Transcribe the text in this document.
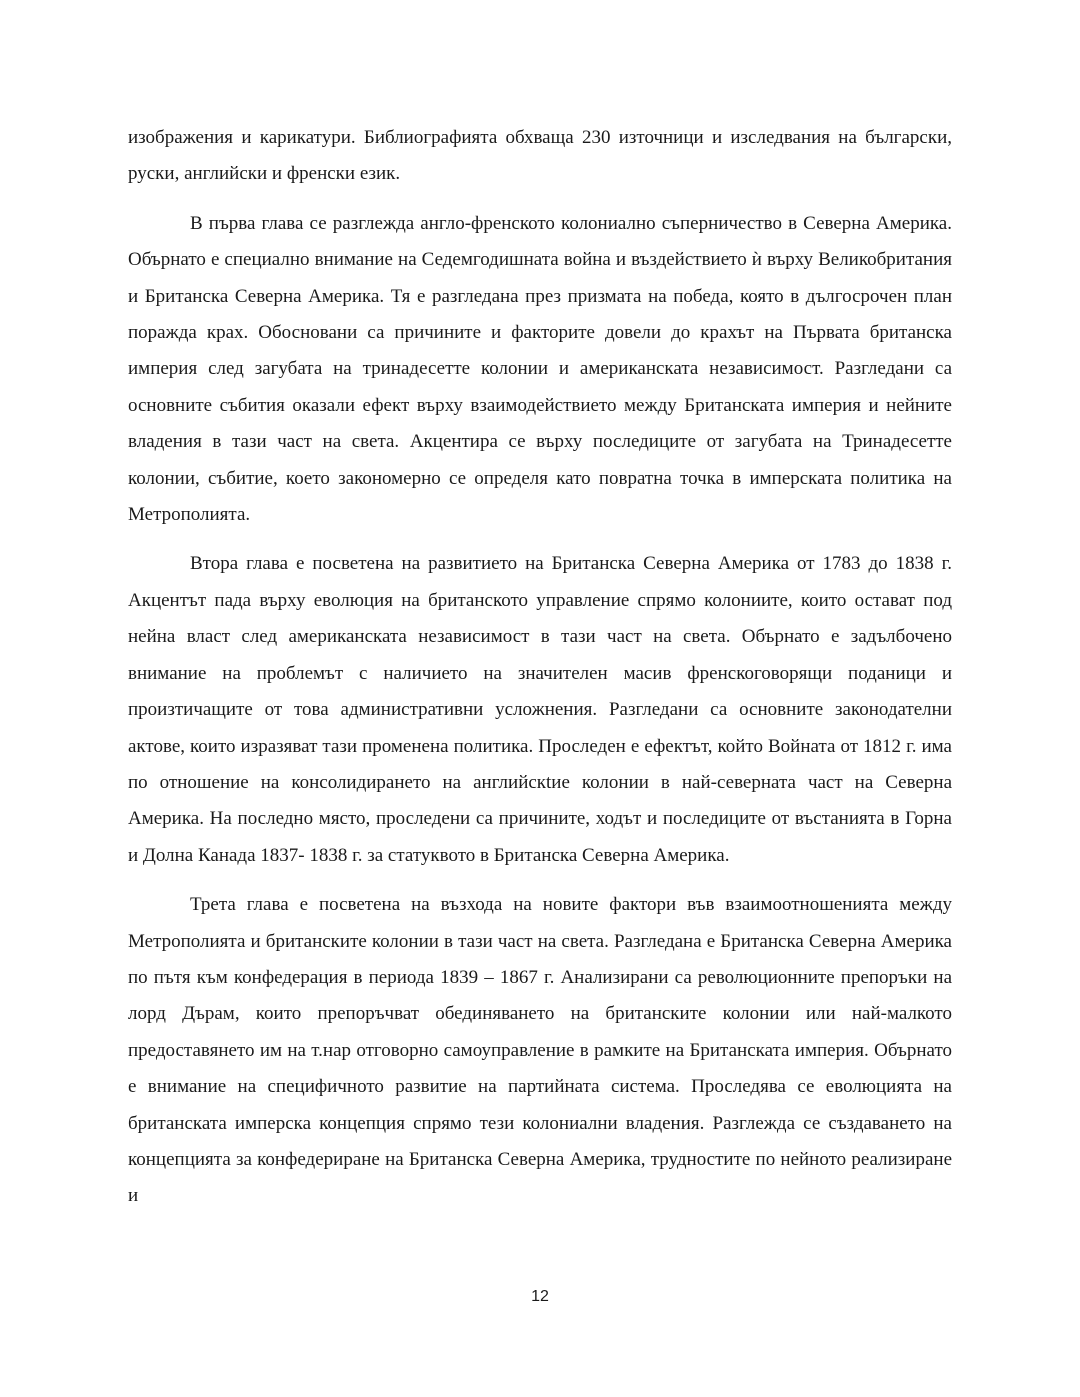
изображения и карикатури. Библиографията обхваща 230 източници и изследвания на български, руски, английски и френски език.

В първа глава се разглежда англо-френското колониално съперничество в Северна Америка. Обърнато е специално внимание на Седемгодишната война и въздействието ѝ върху Великобритания и Британска Северна Америка. Тя е разгледана през призмата на победа, която в дългосрочен план поражда крах. Обосновани са причините и факторите довели до крахът на Първата британска империя след загубата на тринадесетте колонии и американската независимост. Разгледани са основните събития оказали ефект върху взаимодействието между Британската империя и нейните владения в тази част на света. Акцентира се върху последиците от загубата на Тринадесетте колонии, събитие, което закономерно се определя като повратна точка в имперската политика на Метрополията.

Втора глава е посветена на развитието на Британска Северна Америка от 1783 до 1838 г. Акцентът пада върху еволюция на британското управление спрямо колониите, които остават под нейна власт след американската независимост в тази част на света. Обърнато е задълбочено внимание на проблемът с наличието на значителен масив френскоговорящи поданици и произтичащите от това административни усложнения. Разгледани са основните законодателни актове, които изразяват тази променена политика. Проследен е ефектът, който Войната от 1812 г. има по отношение на консолидирането на английскtие колонии в най-северната част на Северна Америка. На последно място, проследени са причините, ходът и последиците от въстанията в Горна и Долна Канада 1837- 1838 г. за статуквото в Британска Северна Америка.

Трета глава е посветена на възхода на новите фактори във взаимоотношенията между Метрополията и британските колонии в тази част на света. Разгледана е Британска Северна Америка по пътя към конфедерация в периода 1839 – 1867 г. Анализирани са революционните препоръки на лорд Дърам, които препоръчват обединяването на британските колонии или най-малкото предоставянето им на т.нар отговорно самоуправление в рамките на Британската империя. Обърнато е внимание на специфичното развитие на партийната система. Проследява се еволюцията на британската имперска концепция спрямо тези колониални владения. Разглежда се създаването на концепцията за конфедериране на Британска Северна Америка, трудностите по нейното реализиране и

12
